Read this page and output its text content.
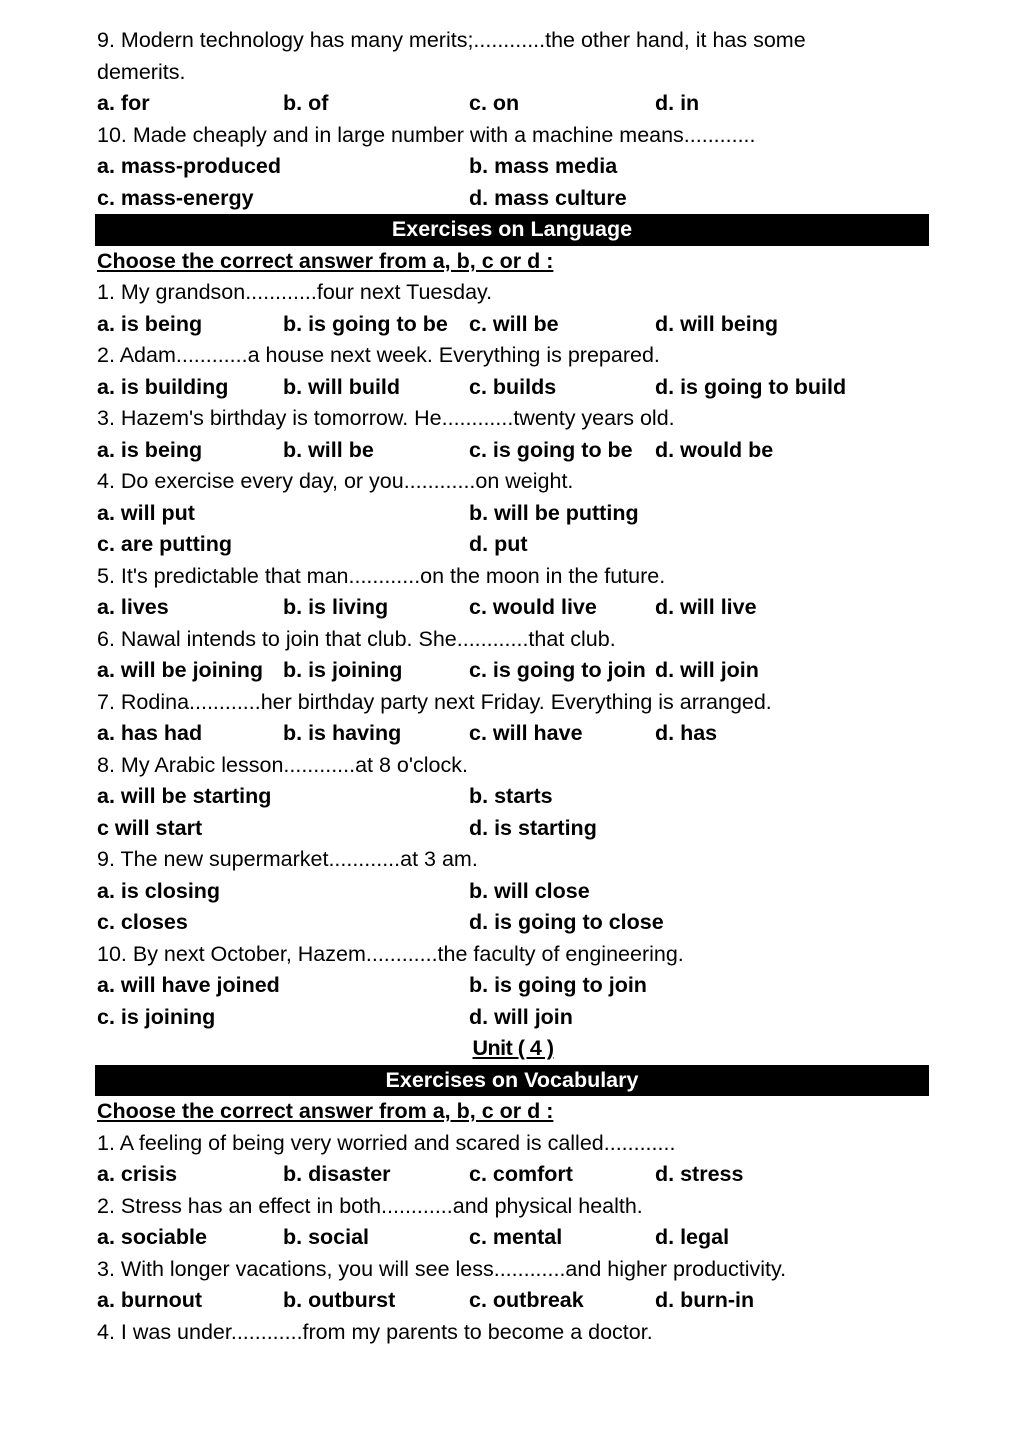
9. Modern technology has many merits;............the other hand, it has some
demerits.
a. for	b. of	c. on	d. in
10. Made cheaply and in large number with a machine means............
a. mass-produced	b. mass media
c. mass-energy	d. mass culture
Exercises on Language
Choose the correct answer from a, b, c or d :
1. My grandson............four next Tuesday.
a. is being	b. is going to be c. will be	d. will being
2. Adam............a house next week. Everything is prepared.
a. is building	b. will build	c. builds	d. is going to build
3. Hazem's birthday is tomorrow. He............twenty years old.
a. is being	b. will be	c. is going to be	d. would be
4. Do exercise every day, or you............on weight.
a. will put	b. will be putting
c. are putting	d. put
5. It's predictable that man............on the moon in the future.
a. lives	b. is living	c. would live	d. will live
6. Nawal intends to join that club. She............that club.
a. will be joining b. is joining	c. is going to join d. will join
7. Rodina............her birthday party next Friday. Everything is arranged.
a. has had	b. is having	c. will have	d. has
8. My Arabic lesson............at 8 o'clock.
a. will be starting	b. starts
c will start	d. is starting
9. The new supermarket............at 3 am.
a. is closing	b. will close
c. closes	d. is going to close
10. By next October, Hazem............the faculty of engineering.
a. will have joined	b. is going to join
c. is joining	d. will join
Unit ( 4 )
Exercises on Vocabulary
Choose the correct answer from a, b, c or d :
1. A feeling of being very worried and scared is called............
a. crisis	b. disaster	c. comfort	d. stress
2. Stress has an effect in both............and physical health.
a. sociable	b. social	c. mental	d. legal
3. With longer vacations, you will see less............and higher productivity.
a. burnout	b. outburst	c. outbreak	d. burn-in
4. I was under............from my parents to become a doctor.
